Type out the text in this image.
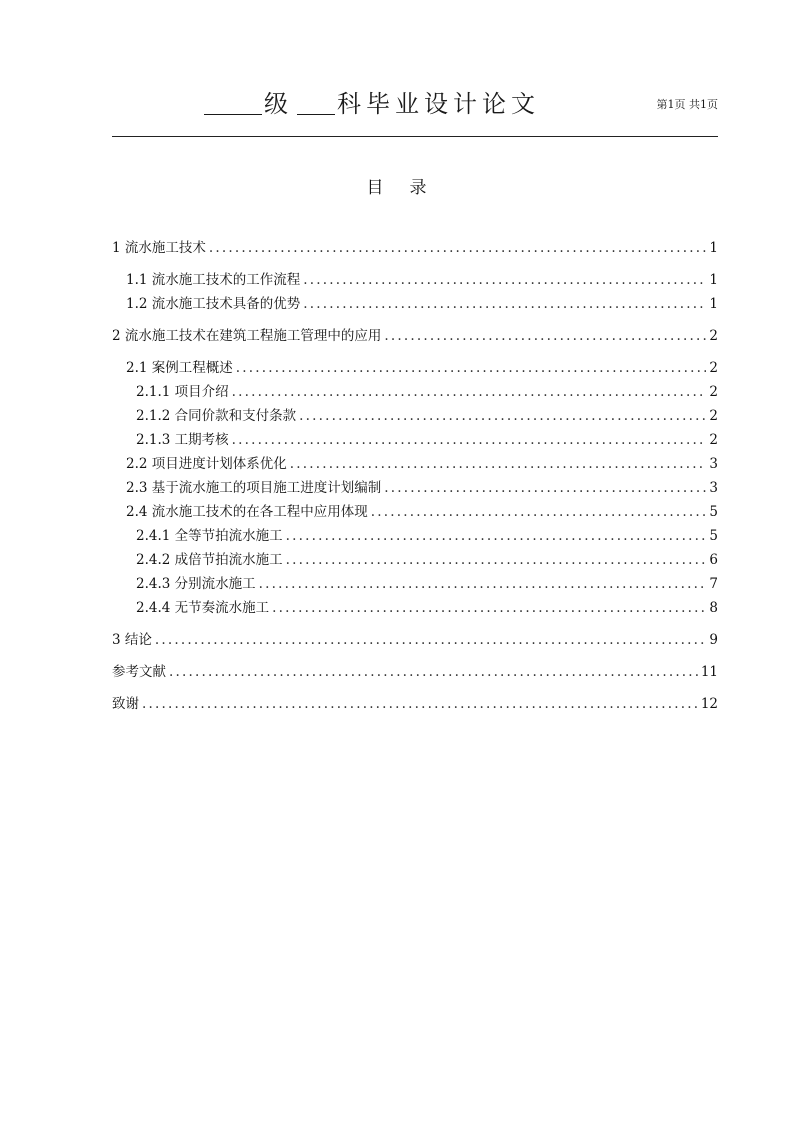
级 科毕业设计论文	第1页 共1页
目录
1 流水施工技术 .....	1
1.1 流水施工技术的工作流程 .....	1
1.2 流水施工技术具备的优势 .....	1
2 流水施工技术在建筑工程施工管理中的应用 .....	2
2.1 案例工程概述 .....	2
2.1.1 项目介绍 .....	2
2.1.2 合同价款和支付条款 .....	2
2.1.3 工期考核 .....	2
2.2 项目进度计划体系优化 .....	3
2.3 基于流水施工的项目施工进度计划编制 .....	3
2.4 流水施工技术的在各工程中应用体现 .....	5
2.4.1 全等节拍流水施工 .....	5
2.4.2 成倍节拍流水施工 .....	6
2.4.3 分别流水施工 .....	7
2.4.4 无节奏流水施工 .....	8
3 结论 .....	9
参考文献 .....	11
致谢 .....	12
